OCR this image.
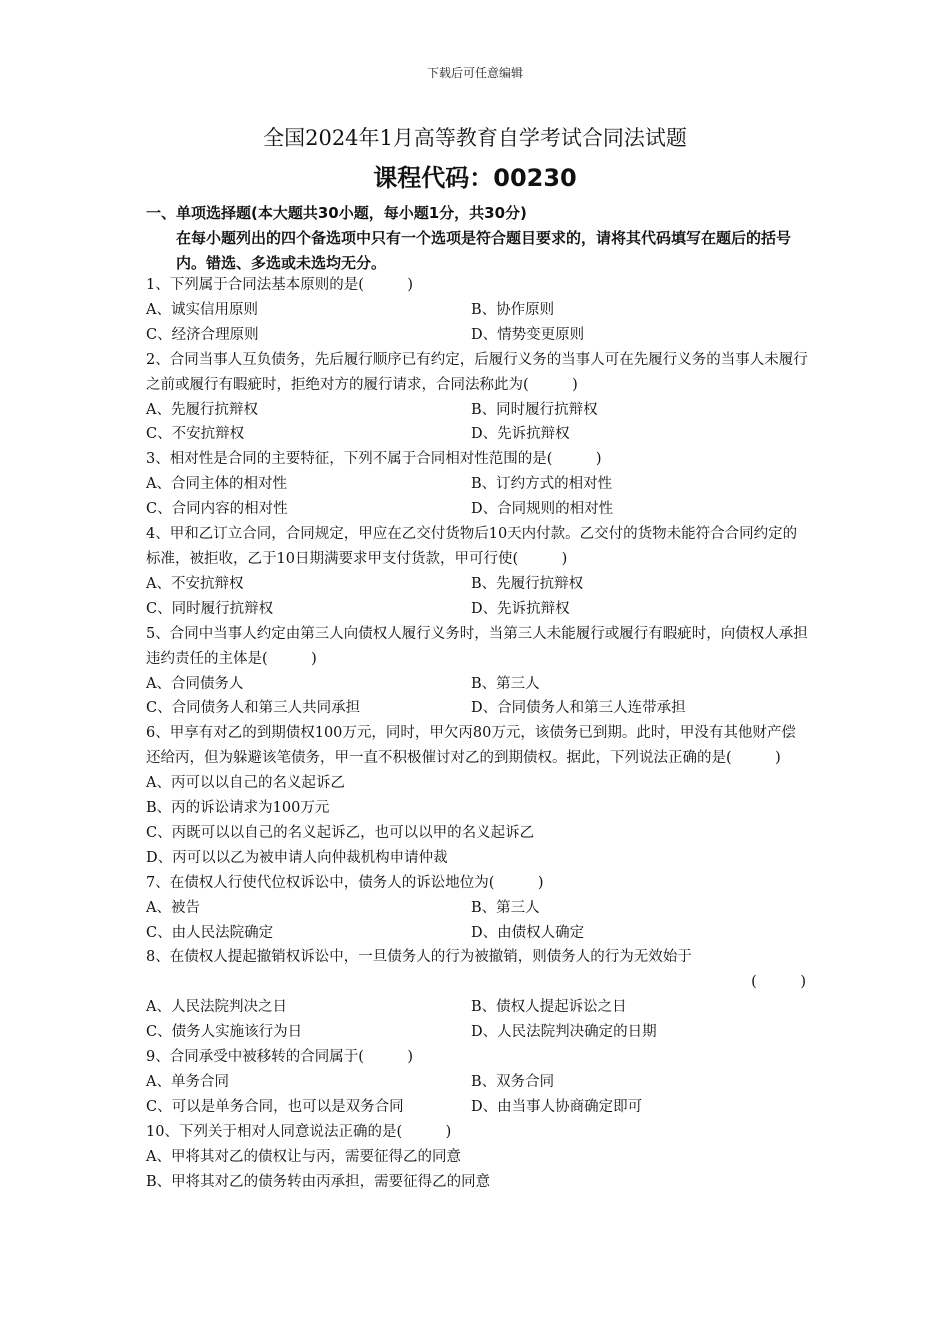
下载后可任意编辑
全国2024年1月高等教育自学考试合同法试题
课程代码：00230
一、单项选择题(本大题共30小题，每小题1分，共30分)
在每小题列出的四个备选项中只有一个选项是符合题目要求的，请将其代码填写在题后的括号内。错选、多选或未选均无分。

1、下列属于合同法基本原则的是(　　　)

A、诚实信用原则	B、协作原则
C、经济合理原则	D、情势变更原则

2、合同当事人互负债务，先后履行顺序已有约定，后履行义务的当事人可在先履行义务的当事人未履行之前或履行有暇疵时，拒绝对方的履行请求，合同法称此为(　　　)

A、先履行抗辩权	B、同时履行抗辩权
C、不安抗辩权	D、先诉抗辩权

3、相对性是合同的主要特征，下列不属于合同相对性范围的是(　　　)

A、合同主体的相对性	B、订约方式的相对性
C、合同内容的相对性	D、合同规则的相对性

4、甲和乙订立合同，合同规定，甲应在乙交付货物后10天内付款。乙交付的货物未能符合合同约定的标准，被拒收，乙于10日期满要求甲支付货款，甲可行使(　　　)

A、不安抗辩权	B、先履行抗辩权
C、同时履行抗辩权	D、先诉抗辩权

5、合同中当事人约定由第三人向债权人履行义务时，当第三人未能履行或履行有暇疵时，向债权人承担违约责任的主体是(　　　)

A、合同债务人	B、第三人
C、合同债务人和第三人共同承担	D、合同债务人和第三人连带承担

6、甲享有对乙的到期债权100万元，同时，甲欠丙80万元，该债务已到期。此时，甲没有其他财产偿还给丙，但为躲避该笔债务，甲一直不积极催讨对乙的到期债权。据此，下列说法正确的是(　　　)

A、丙可以以自己的名义起诉乙
B、丙的诉讼请求为100万元
C、丙既可以以自己的名义起诉乙，也可以以甲的名义起诉乙
D、丙可以以乙为被申请人向仲裁机构申请仲裁

7、在债权人行使代位权诉讼中，债务人的诉讼地位为(　　　)

A、被告	B、第三人
C、由人民法院确定	D、由债权人确定

8、在债权人提起撤销权诉讼中，一旦债务人的行为被撤销，则债务人的行为无效始于

(　　　)
A、人民法院判决之日	B、债权人提起诉讼之日
C、债务人实施该行为日	D、人民法院判决确定的日期

9、合同承受中被移转的合同属于(　　　)

A、单务合同	B、双务合同
C、可以是单务合同，也可以是双务合同	D、由当事人协商确定即可

10、下列关于相对人同意说法正确的是(　　　)

A、甲将其对乙的债权让与丙，需要征得乙的同意
B、甲将其对乙的债务转由丙承担，需要征得乙的同意
